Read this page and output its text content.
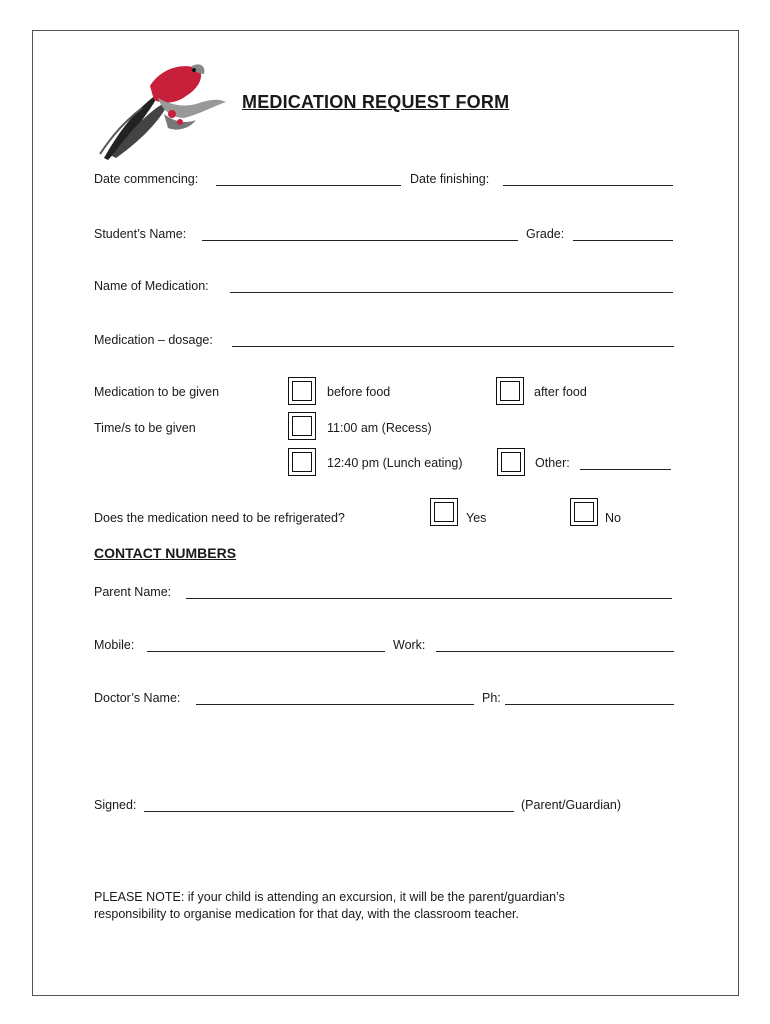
MEDICATION REQUEST FORM
Date commencing:	Date finishing:
Student’s Name:	Grade:
Name of Medication:
Medication – dosage:
Medication to be given	before food	after food
Time/s to be given	11:00 am (Recess)
12:40 pm (Lunch eating)	Other:
Does the medication need to be refrigerated?	Yes	No
CONTACT NUMBERS
Parent Name:
Mobile:	Work:
Doctor’s Name:	Ph:
Signed:	(Parent/Guardian)
PLEASE NOTE: if your child is attending an excursion, it will be the parent/guardian’s
responsibility to organise medication for that day, with the classroom teacher.
